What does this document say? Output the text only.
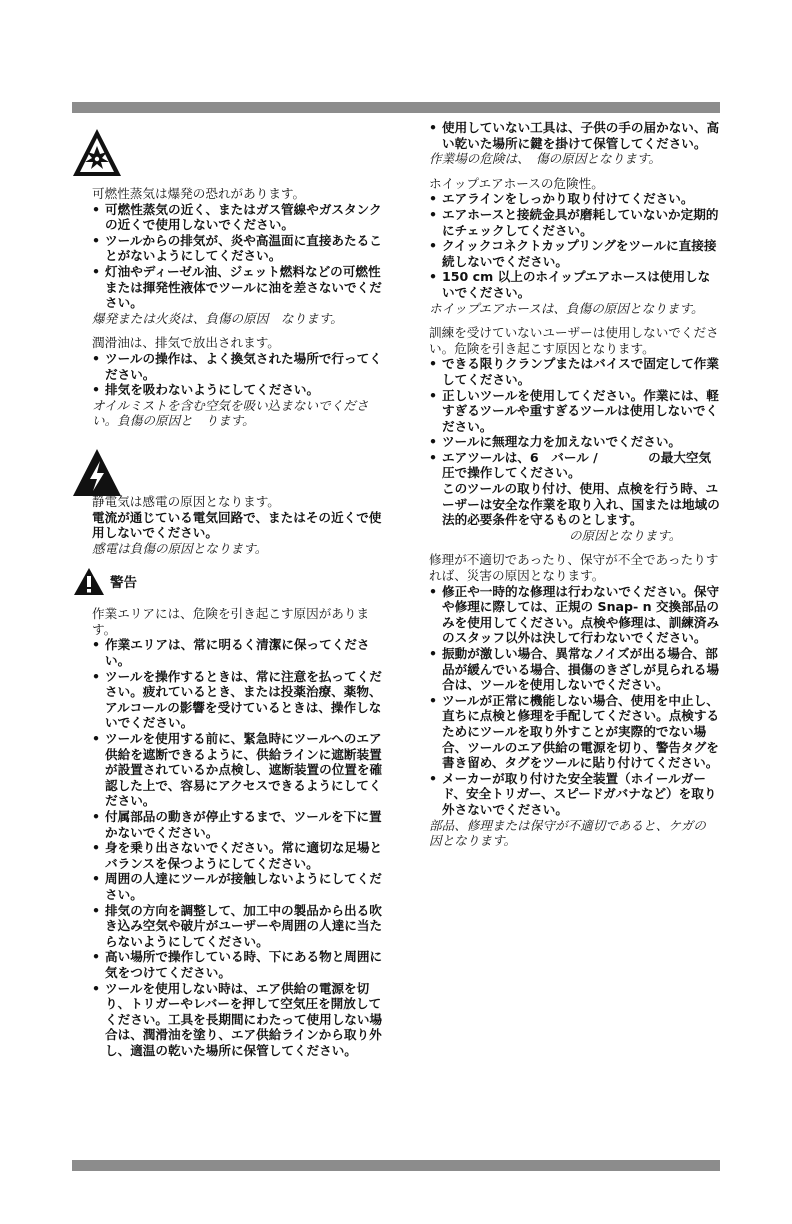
警告

可燃性蒸気は爆発の恐れがあります。

• 可燃性蒸気の近く、またはガス管線やガスタンクの近くで使用しないでください。
• ツールからの排気が、炎や高温面に直接あたることがないようにしてください。
• 灯油やディーゼル油、ジェット燃料などの可燃性または揮発性液体でツールに油を差さないでください。

爆発または火炎は、負傷の原因　なります。

潤滑油は、排気で放出されます。

• ツールの操作は、よく換気された場所で行ってください。
• 排気を吸わないようにしてください。

オイルミストを含む空気を吸い込まないでください。負傷の原因と　ります。

静電気は感電の原因となります。

電流が通じている電気回路で、またはその近くで使用しないでください。

感電は負傷の原因となります。

作業エリアには、危険を引き起こす原因があります。

• 作業エリアは、常に明るく清潔に保ってください。
• ツールを操作するときは、常に注意を払ってください。疲れているとき、または投薬治療、薬物、アルコールの影響を受けているときは、操作しないでください。
• ツールを使用する前に、緊急時にツールへのエア供給を遮断できるように、供給ラインに遮断装置が設置されているか点検し、遮断装置の位置を確認した上で、容易にアクセスできるようにしてください。
• 付属部品の動きが停止するまで、ツールを下に置かないでください。
• 身を乗り出さないでください。常に適切な足場とバランスを保つようにしてください。
• 周囲の人達にツールが接触しないようにしてください。
• 排気の方向を調整して、加工中の製品から出る吹き込み空気や破片がユーザーや周囲の人達に当たらないようにしてください。
• 高い場所で操作している時、下にある物と周囲に気をつけてください。
• ツールを使用しない時は、エア供給の電源を切り、トリガーやレバーを押して空気圧を開放してください。工具を長期間にわたって使用しない場合は、潤滑油を塗り、エア供給ラインから取り外し、適温の乾いた場所に保管してください。
• 使用していない工具は、子供の手の届かない、高い乾いた場所に鍵を掛けて保管してください。

作業場の危険は、　傷の原因となります。

ホイップエアホースの危険性。

• エアラインをしっかり取り付けてください。
• エアホースと接続金具が磨耗していないか定期的にチェックしてください。
• クイックコネクトカップリングをツールに直接接続しないでください。
• 150 cm 以上のホイップエアホースは使用しないでください。

ホイップエアホースは、負傷の原因となります。

訓練を受けていないユーザーは使用しないでください。危険を引き起こす原因となります。

• できる限りクランプまたはバイスで固定して作業してください。
• 正しいツールを使用してください。作業には、軽すぎるツールや重すぎるツールは使用しないでください。
• ツールに無理な力を加えないでください。
• エアツールは、6　バール /　　　　の最大空気圧で操作してください。

このツールの取り付け、使用、点検を行う時、ユーザーは安全な作業を取り入れ、国または地域の法的必要条件を守るものとします。

の原因となります。

修理が不適切であったり、保守が不全であったりすれば、災害の原因となります。

• 修正や一時的な修理は行わないでください。保守や修理に際しては、正規の Snap- n 交換部品のみを使用してください。点検や修理は、訓練済みのスタッフ以外は決して行わないでください。
• 振動が激しい場合、異常なノイズが出る場合、部品が緩んでいる場合、損傷のきざしが見られる場合は、ツールを使用しないでください。
• ツールが正常に機能しない場合、使用を中止し、直ちに点検と修理を手配してください。点検するためにツールを取り外すことが実際的でない場合、ツールのエア供給の電源を切り、警告タグを書き留め、タグをツールに貼り付けてください。
• メーカーが取り付けた安全装置（ホイールガード、安全トリガー、スピードガバナなど）を取り外さないでください。

部品、修理または保守が不適切であると、ケガの　因となります。
